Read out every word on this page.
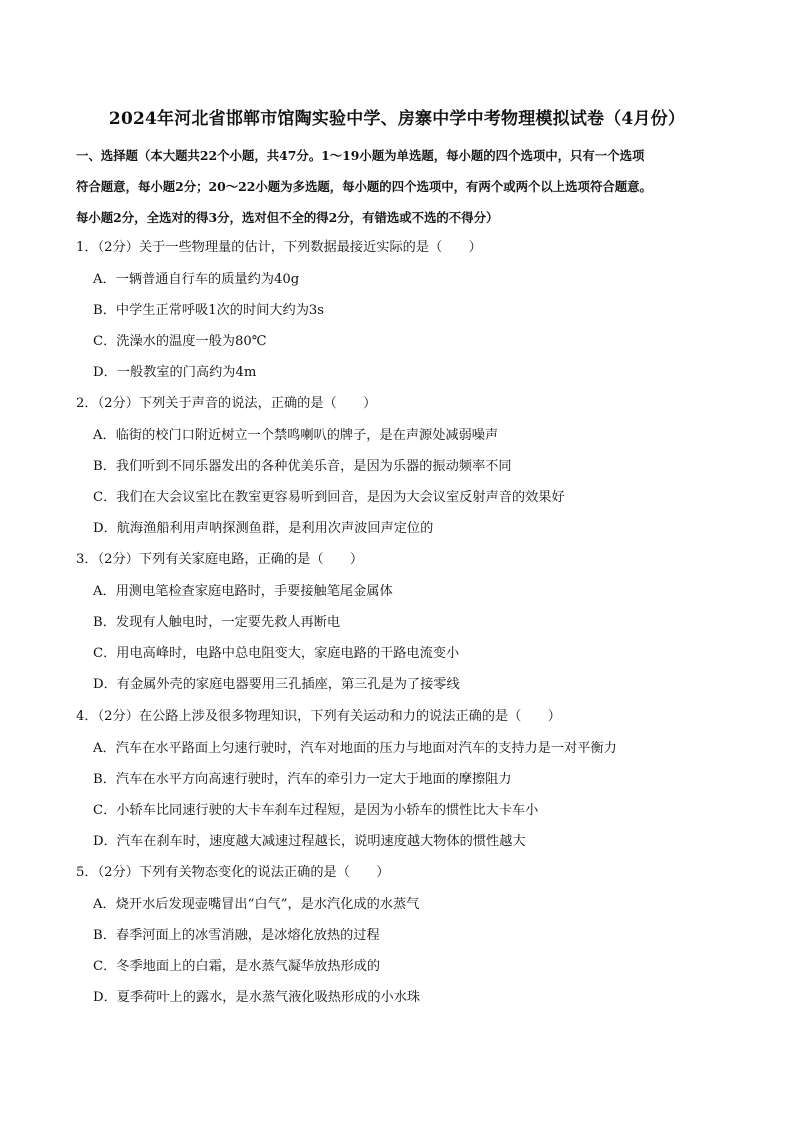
2024年河北省邯郸市馆陶实验中学、房寨中学中考物理模拟试卷（4月份）
一、选择题（本大题共22个小题，共47分。1～19小题为单选题，每小题的四个选项中，只有一个选项
符合题意，每小题2分；20～22小题为多选题，每小题的四个选项中，有两个或两个以上选项符合题意。
每小题2分，全选对的得3分，选对但不全的得2分，有错选或不选的不得分）
1．（2分）关于一些物理量的估计，下列数据最接近实际的是（　　）
A．一辆普通自行车的质量约为40g
B．中学生正常呼吸1次的时间大约为3s
C．洗澡水的温度一般为80℃
D．一般教室的门高约为4m
2．（2分）下列关于声音的说法，正确的是（　　）
A．临街的校门口附近树立一个禁鸣喇叭的牌子，是在声源处减弱噪声
B．我们听到不同乐器发出的各种优美乐音，是因为乐器的振动频率不同
C．我们在大会议室比在教室更容易听到回音，是因为大会议室反射声音的效果好
D．航海渔船利用声呐探测鱼群，是利用次声波回声定位的
3．（2分）下列有关家庭电路，正确的是（　　）
A．用测电笔检查家庭电路时，手要接触笔尾金属体
B．发现有人触电时，一定要先救人再断电
C．用电高峰时，电路中总电阻变大，家庭电路的干路电流变小
D．有金属外壳的家庭电器要用三孔插座，第三孔是为了接零线
4．（2分）在公路上涉及很多物理知识，下列有关运动和力的说法正确的是（　　）
A．汽车在水平路面上匀速行驶时，汽车对地面的压力与地面对汽车的支持力是一对平衡力
B．汽车在水平方向高速行驶时，汽车的牵引力一定大于地面的摩擦阻力
C．小轿车比同速行驶的大卡车刹车过程短，是因为小轿车的惯性比大卡车小
D．汽车在刹车时，速度越大减速过程越长，说明速度越大物体的惯性越大
5．（2分）下列有关物态变化的说法正确的是（　　）
A．烧开水后发现壶嘴冒出“白气”，是水汽化成的水蒸气
B．春季河面上的冰雪消融，是冰熔化放热的过程
C．冬季地面上的白霜，是水蒸气凝华放热形成的
D．夏季荷叶上的露水，是水蒸气液化吸热形成的小水珠
